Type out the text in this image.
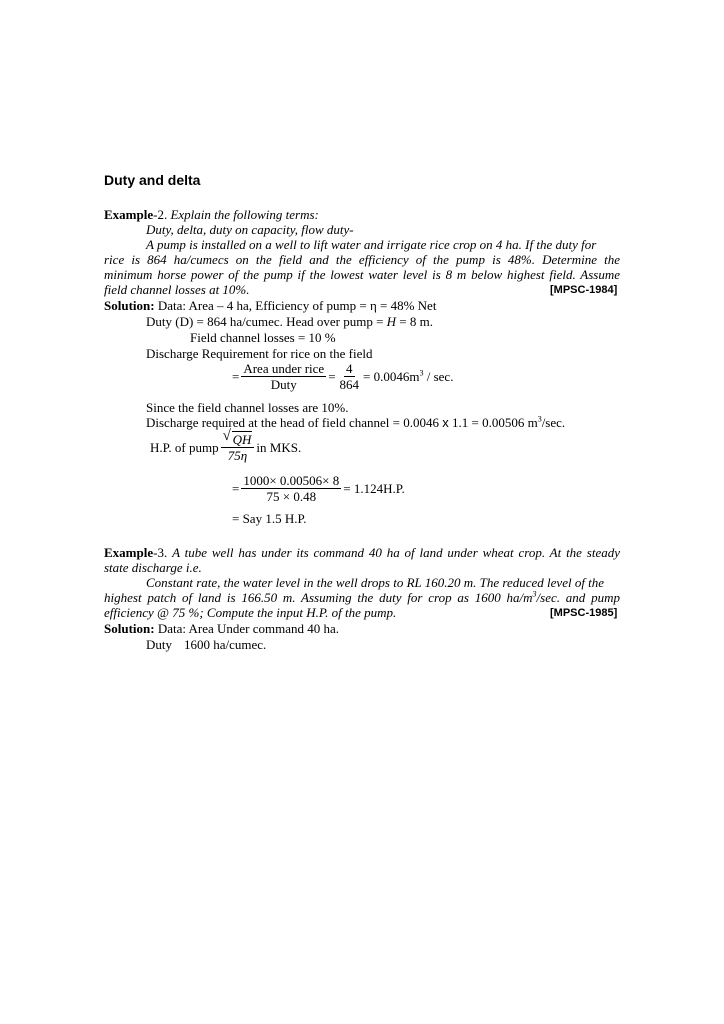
Duty and delta
Example-2. Explain the following terms:
Duty, delta, duty on capacity, flow duty-
A pump is installed on a well to lift water and irrigate rice crop on 4 ha. If the duty for
rice is 864 ha/cumecs on the field and the efficiency of the pump is 48%. Determine the
minimum horse power of the pump if the lowest water level is 8 m below highest field. Assume
field channel losses at 10%.	[MPSC-1984]
Solution: Data: Area – 4 ha, Efficiency of pump = η = 48% Net
Duty (D) = 864 ha/cumec. Head over pump = H = 8 m.
Field channel losses = 10 %
Discharge Requirement for rice on the field
= $\frac{\text{Area under rice}}{\text{Duty}} = \frac{4}{864} = 0.0046m^3 / \sec$.
Since the field channel losses are 10%.
Discharge required at the head of field channel = 0.0046 x 1.1 = 0.00506 $m^3/\sec$.
H.P. of pump $\frac{√ QH}{75\eta}$ in MKS.
= $\frac{1000\times 0.00506\times 8}{75 \times 0.48} = 1.124H.P$.
= Say 1.5 H.P.
Example-3. A tube well has under its command 40 ha of land under wheat crop. At the steady
state discharge i.e.
Constant rate, the water level in the well drops to RL 160.20 m. The reduced level of the
highest patch of land is 166.50 m. Assuming the duty for crop as 1600 $ha/m^3/\sec$. and pump
efficiency @ 75 %; Compute the input H.P. of the pump.	[MPSC-1985]
Solution: Data: Area Under command 40 ha.
Duty 1600 ha/cumec.
